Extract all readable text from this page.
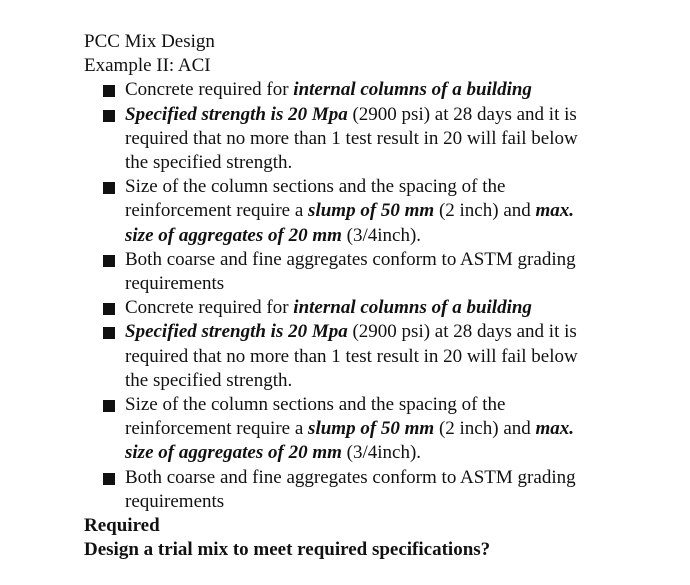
PCC Mix Design
Example II: ACI
Concrete required for internal columns of a building
Specified strength is 20 Mpa (2900 psi) at 28 days and it is
required that no more than 1 test result in 20 will fail below
the specified strength.
Size of the column sections and the spacing of the
reinforcement require a slump of 50 mm (2 inch) and max.
size of aggregates of 20 mm (3/4inch).
Both coarse and fine aggregates conform to ASTM grading
requirements
Concrete required for internal columns of a building
Specified strength is 20 Mpa (2900 psi) at 28 days and it is
required that no more than 1 test result in 20 will fail below
the specified strength.
Size of the column sections and the spacing of the
reinforcement require a slump of 50 mm (2 inch) and max.
size of aggregates of 20 mm (3/4inch).
Both coarse and fine aggregates conform to ASTM grading
requirements
Required
Design a trial mix to meet required specifications?
